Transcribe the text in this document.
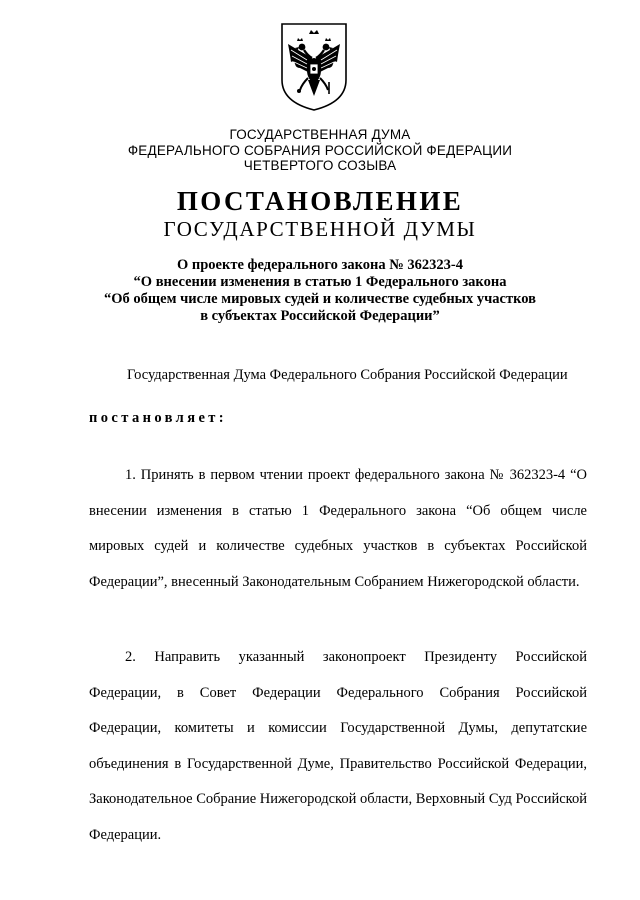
ГОСУДАРСТВЕННАЯ ДУМА
ФЕДЕРАЛЬНОГО СОБРАНИЯ РОССИЙСКОЙ ФЕДЕРАЦИИ
ЧЕТВЕРТОГО СОЗЫВА
ПОСТАНОВЛЕНИЕ
ГОСУДАРСТВЕННОЙ ДУМЫ
О проекте федерального закона № 362323-4
“О внесении изменения в статью 1 Федерального закона
“Об общем числе мировых судей и количестве судебных участков
в субъектах Российской Федерации”
Государственная Дума Федерального Собрания Российской Федерации
постановляет:
1. Принять в первом чтении проект федерального закона № 362323-4 “О внесении изменения в статью 1 Федерального закона “Об общем числе мировых судей и количестве судебных участков в субъектах Российской Федерации”, внесенный Законодательным Собранием Нижегородской области.
2. Направить указанный законопроект Президенту Российской Федерации, в Совет Федерации Федерального Собрания Российской Федерации, комитеты и комиссии Государственной Думы, депутатские объединения в Государственной Думе, Правительство Российской Федерации, Законодательное Собрание Нижегородской области, Верховный Суд Российской Федерации.
